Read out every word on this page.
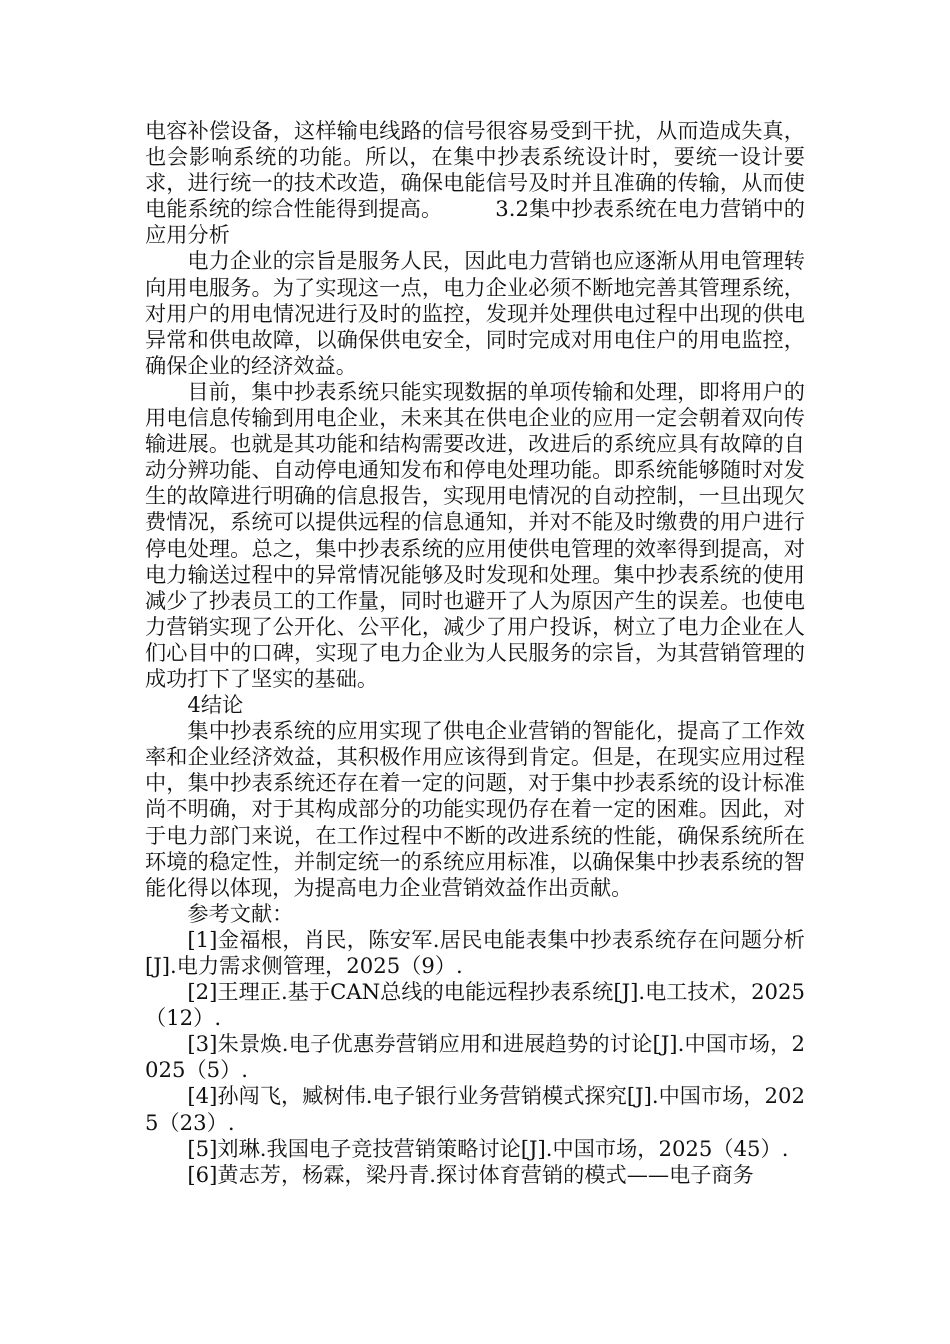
电容补偿设备，这样输电线路的信号很容易受到干扰，从而造成失真，也会影响系统的功能。所以，在集中抄表系统设计时，要统一设计要求，进行统一的技术改造，确保电能信号及时并且准确的传输，从而使电能系统的综合性能得到提高。　　　3.2集中抄表系统在电力营销中的应用分析

电力企业的宗旨是服务人民，因此电力营销也应逐渐从用电管理转向用电服务。为了实现这一点，电力企业必须不断地完善其管理系统，对用户的用电情况进行及时的监控，发现并处理供电过程中出现的供电异常和供电故障，以确保供电安全，同时完成对用电住户的用电监控，确保企业的经济效益。

目前，集中抄表系统只能实现数据的单项传输和处理，即将用户的用电信息传输到用电企业，未来其在供电企业的应用一定会朝着双向传输进展。也就是其功能和结构需要改进，改进后的系统应具有故障的自动分辨功能、自动停电通知发布和停电处理功能。即系统能够随时对发生的故障进行明确的信息报告，实现用电情况的自动控制，一旦出现欠费情况，系统可以提供远程的信息通知，并对不能及时缴费的用户进行停电处理。总之，集中抄表系统的应用使供电管理的效率得到提高，对电力输送过程中的异常情况能够及时发现和处理。集中抄表系统的使用减少了抄表员工的工作量，同时也避开了人为原因产生的误差。也使电力营销实现了公开化、公平化，减少了用户投诉，树立了电力企业在人们心目中的口碑，实现了电力企业为人民服务的宗旨，为其营销管理的成功打下了坚实的基础。

4结论

集中抄表系统的应用实现了供电企业营销的智能化，提高了工作效率和企业经济效益，其积极作用应该得到肯定。但是，在现实应用过程中，集中抄表系统还存在着一定的问题，对于集中抄表系统的设计标准尚不明确，对于其构成部分的功能实现仍存在着一定的困难。因此，对于电力部门来说，在工作过程中不断的改进系统的性能，确保系统所在环境的稳定性，并制定统一的系统应用标准，以确保集中抄表系统的智能化得以体现，为提高电力企业营销效益作出贡献。

参考文献：

[1]金福根，肖民，陈安军.居民电能表集中抄表系统存在问题分析[J].电力需求侧管理，2025（9）.

[2]王理正.基于CAN总线的电能远程抄表系统[J].电工技术，2025（12）.

[3]朱景焕.电子优惠券营销应用和进展趋势的讨论[J].中国市场，2025（5）.

[4]孙闯飞，臧树伟.电子银行业务营销模式探究[J].中国市场，2025（23）.

[5]刘琳.我国电子竞技营销策略讨论[J].中国市场，2025（45）.

[6]黄志芳，杨霖，梁丹青.探讨体育营销的模式——电子商务
